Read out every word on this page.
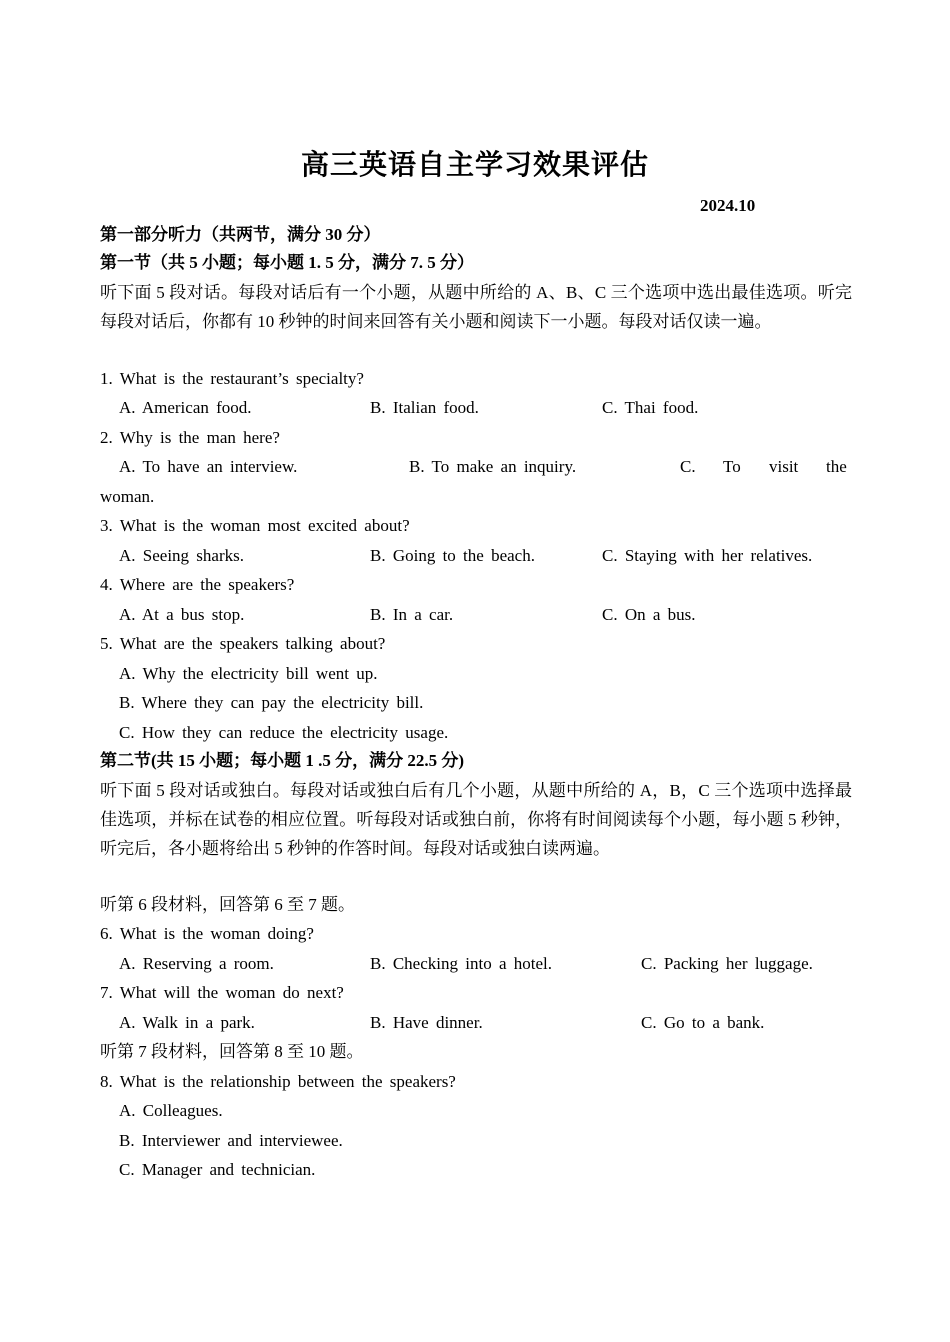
高三英语自主学习效果评估
2024.10
第一部分听力（共两节，满分 30 分）
第一节（共 5 小题；每小题 1. 5 分，满分 7. 5 分）
听下面 5 段对话。每段对话后有一个小题，从题中所给的 A、B、C 三个选项中选出最佳选项。听完每段对话后，你都有 10 秒钟的时间来回答有关小题和阅读下一小题。每段对话仅读一遍。
1. What is the restaurant’s specialty?
A. American food.	B. Italian food.	C. Thai food.
2. Why is the man here?
A. To have an interview.	B. To make an inquiry.	C. To visit the
woman.
3. What is the woman most excited about?
A. Seeing sharks.	B. Going to the beach.	C. Staying with her relatives.
4. Where are the speakers?
A. At a bus stop.	B. In a car.	C. On a bus.
5. What are the speakers talking about?
A. Why the electricity bill went up.
B. Where they can pay the electricity bill.
C. How they can reduce the electricity usage.
第二节(共 15 小题；每小题 1 .5 分，满分 22.5 分)
听下面 5 段对话或独白。每段对话或独白后有几个小题，从题中所给的 A，B，C 三个选项中选择最佳选项，并标在试卷的相应位置。听每段对话或独白前，你将有时间阅读每个小题，每小题 5 秒钟，听完后，各小题将给出 5 秒钟的作答时间。每段对话或独白读两遍。
听第 6 段材料，回答第 6 至 7 题。
6. What is the woman doing?
A. Reserving a room.	B. Checking into a hotel.	C. Packing her luggage.
7. What will the woman do next?
A. Walk in a park.	B. Have dinner.	C. Go to a bank.
听第 7 段材料，回答第 8 至 10 题。
8. What is the relationship between the speakers?
A. Colleagues.
B. Interviewer and interviewee.
C. Manager and technician.
